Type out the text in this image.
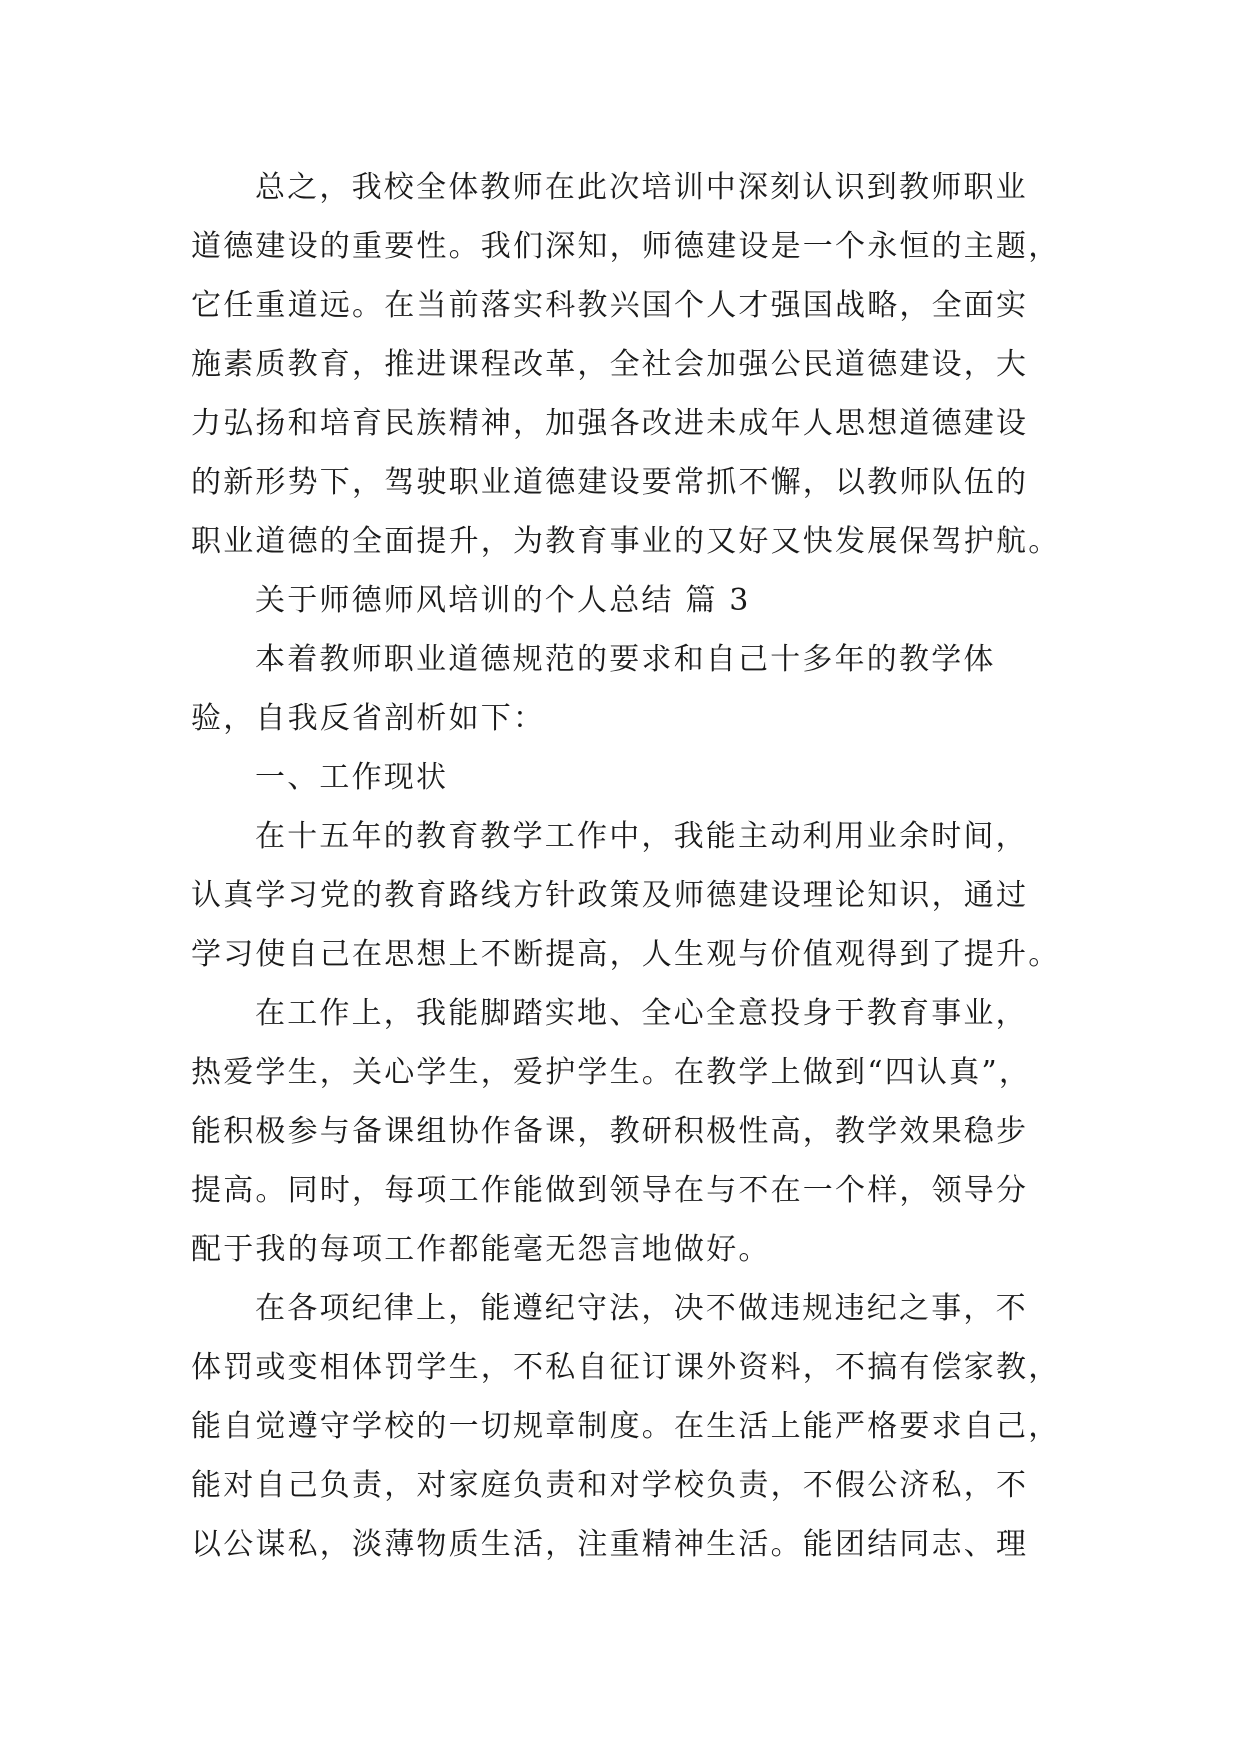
总之，我校全体教师在此次培训中深刻认识到教师职业
道德建设的重要性。我们深知，师德建设是一个永恒的主题，
它任重道远。在当前落实科教兴国个人才强国战略，全面实
施素质教育，推进课程改革，全社会加强公民道德建设，大
力弘扬和培育民族精神，加强各改进未成年人思想道德建设
的新形势下，驾驶职业道德建设要常抓不懈，以教师队伍的
职业道德的全面提升，为教育事业的又好又快发展保驾护航。
关于师德师风培训的个人总结 篇 3
本着教师职业道德规范的要求和自己十多年的教学体
验，自我反省剖析如下：
一、工作现状
在十五年的教育教学工作中，我能主动利用业余时间，
认真学习党的教育路线方针政策及师德建设理论知识，通过
学习使自己在思想上不断提高，人生观与价值观得到了提升。
在工作上，我能脚踏实地、全心全意投身于教育事业，
热爱学生，关心学生，爱护学生。在教学上做到“四认真”，
能积极参与备课组协作备课，教研积极性高，教学效果稳步
提高。同时，每项工作能做到领导在与不在一个样，领导分
配于我的每项工作都能毫无怨言地做好。
在各项纪律上，能遵纪守法，决不做违规违纪之事，不
体罚或变相体罚学生，不私自征订课外资料，不搞有偿家教，
能自觉遵守学校的一切规章制度。在生活上能严格要求自己，
能对自己负责，对家庭负责和对学校负责，不假公济私，不
以公谋私，淡薄物质生活，注重精神生活。能团结同志、理
